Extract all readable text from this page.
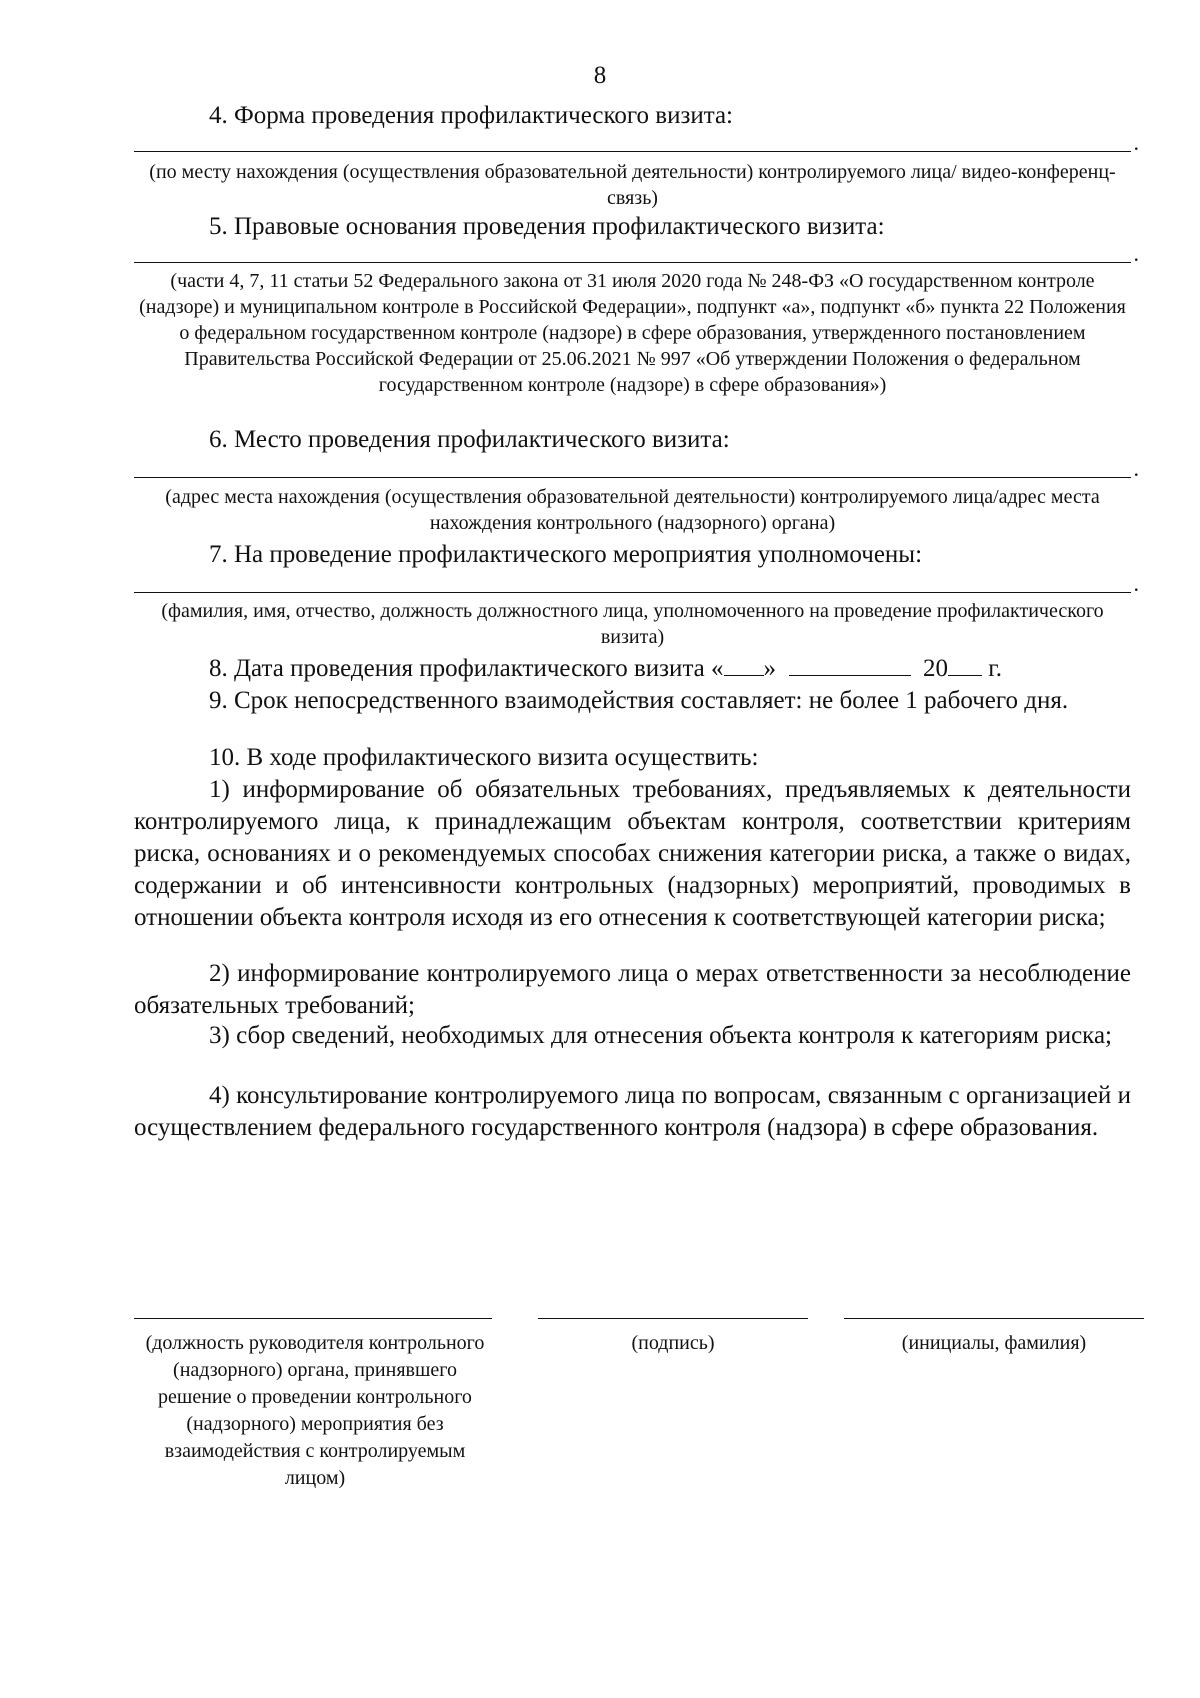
8
4. Форма проведения профилактического визита:
.
(по месту нахождения (осуществления образовательной деятельности) контролируемого лица/ видео-конференц-связь)
5. Правовые основания проведения профилактического визита:
.
(части 4, 7, 11 статьи 52 Федерального закона от 31 июля 2020 года № 248-ФЗ «О государственном контроле (надзоре) и муниципальном контроле в Российской Федерации», подпункт «а», подпункт «б» пункта 22 Положения о федеральном государственном контроле (надзоре) в сфере образования, утвержденного постановлением Правительства Российской Федерации от 25.06.2021 № 997 «Об утверждении Положения о федеральном государственном контроле (надзоре) в сфере образования»)
6. Место проведения профилактического визита:
.
(адрес места нахождения (осуществления образовательной деятельности) контролируемого лица/адрес места нахождения контрольного (надзорного) органа)
7. На проведение профилактического мероприятия уполномочены:
.
(фамилия, имя, отчество, должность должностного лица, уполномоченного на проведение профилактического визита)
8. Дата проведения профилактического визита « »	20 г.
9. Срок непосредственного взаимодействия составляет: не более 1 рабочего дня.
10. В ходе профилактического визита осуществить:
1) информирование об обязательных требованиях, предъявляемых к деятельности контролируемого лица, к принадлежащим объектам контроля, соответствии критериям риска, основаниях и о рекомендуемых способах снижения категории риска, а также о видах, содержании и об интенсивности контрольных (надзорных) мероприятий, проводимых в отношении объекта контроля исходя из его отнесения к соответствующей категории риска;
2) информирование контролируемого лица о мерах ответственности за несоблюдение обязательных требований;
3) сбор сведений, необходимых для отнесения объекта контроля к категориям риска;
4) консультирование контролируемого лица по вопросам, связанным с организацией и осуществлением федерального государственного контроля (надзора) в сфере образования.
(должность руководителя контрольного (надзорного) органа, принявшего решение о проведении контрольного (надзорного) мероприятия без взаимодействия с контролируемым лицом)
(подпись)	(инициалы, фамилия)
